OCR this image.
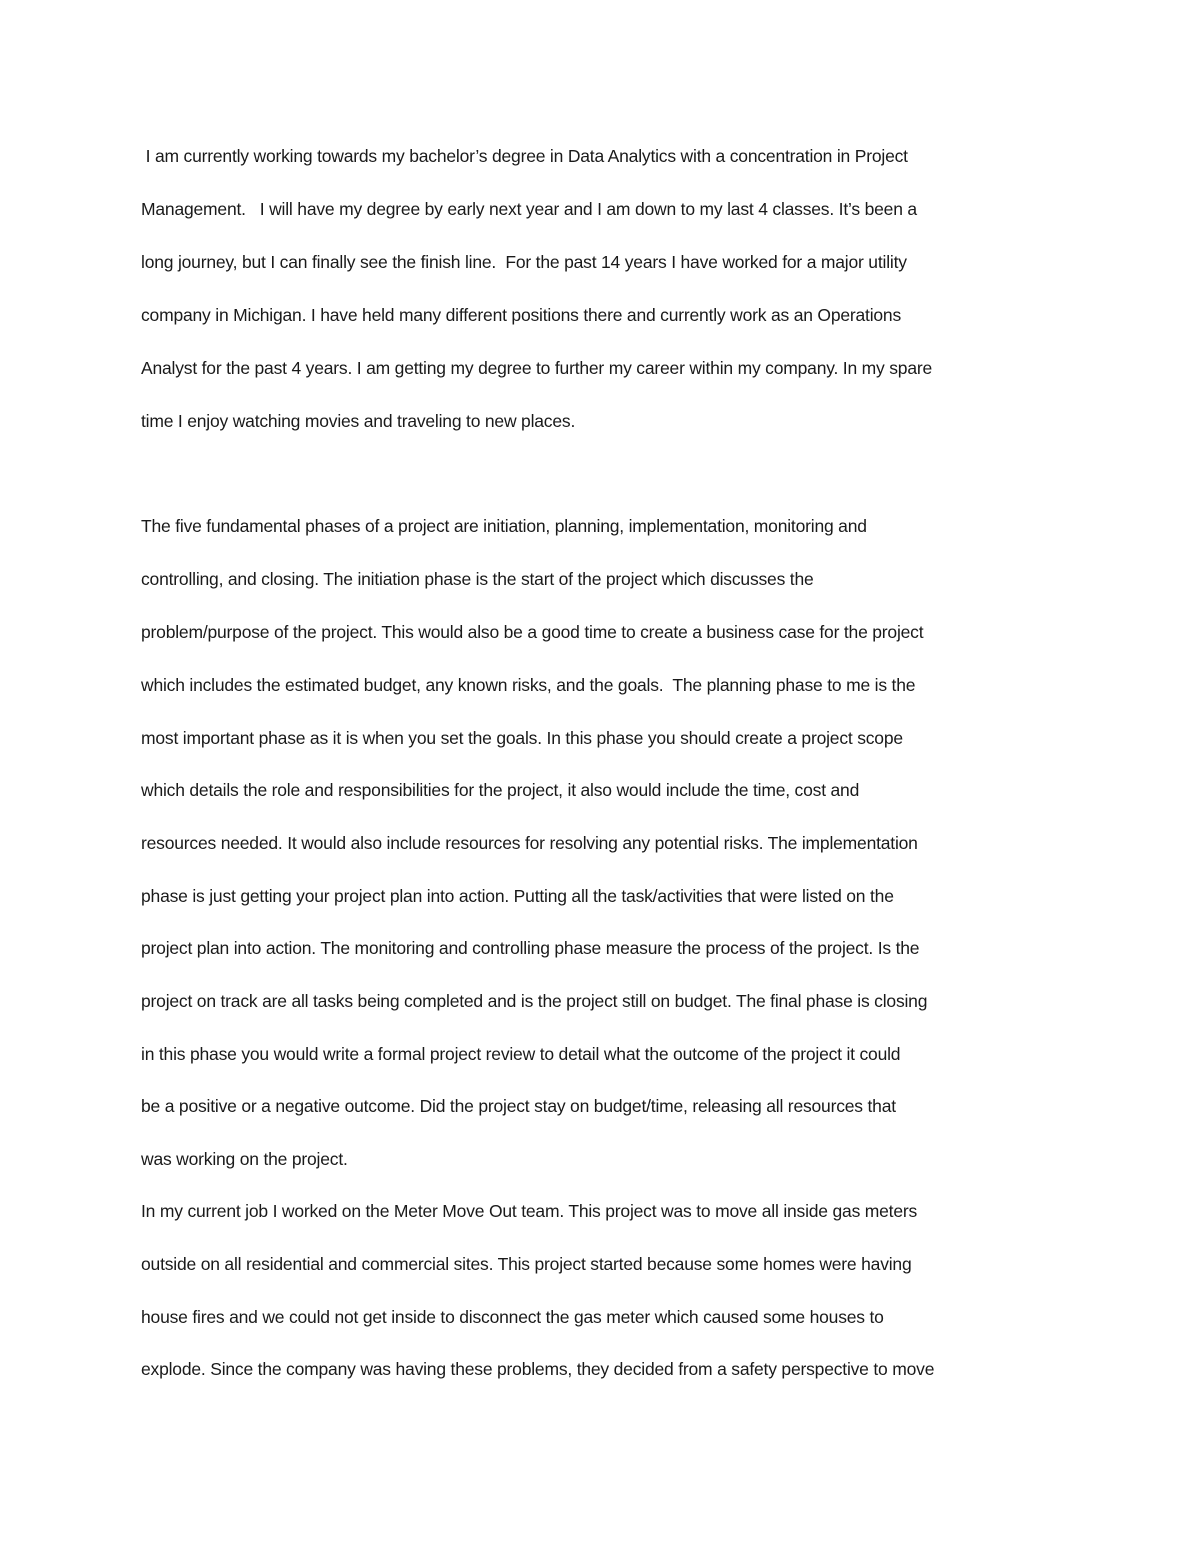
I am currently working towards my bachelor’s degree in Data Analytics with a concentration in Project

Management.   I will have my degree by early next year and I am down to my last 4 classes. It’s been a

long journey, but I can finally see the finish line.  For the past 14 years I have worked for a major utility

company in Michigan. I have held many different positions there and currently work as an Operations

Analyst for the past 4 years. I am getting my degree to further my career within my company. In my spare

time I enjoy watching movies and traveling to new places.

The five fundamental phases of a project are initiation, planning, implementation, monitoring and

controlling, and closing. The initiation phase is the start of the project which discusses the

problem/purpose of the project. This would also be a good time to create a business case for the project

which includes the estimated budget, any known risks, and the goals.  The planning phase to me is the

most important phase as it is when you set the goals. In this phase you should create a project scope

which details the role and responsibilities for the project, it also would include the time, cost and

resources needed. It would also include resources for resolving any potential risks. The implementation

phase is just getting your project plan into action. Putting all the task/activities that were listed on the

project plan into action. The monitoring and controlling phase measure the process of the project. Is the

project on track are all tasks being completed and is the project still on budget. The final phase is closing

in this phase you would write a formal project review to detail what the outcome of the project it could

be a positive or a negative outcome. Did the project stay on budget/time, releasing all resources that

was working on the project.

In my current job I worked on the Meter Move Out team. This project was to move all inside gas meters

outside on all residential and commercial sites. This project started because some homes were having

house fires and we could not get inside to disconnect the gas meter which caused some houses to

explode. Since the company was having these problems, they decided from a safety perspective to move
